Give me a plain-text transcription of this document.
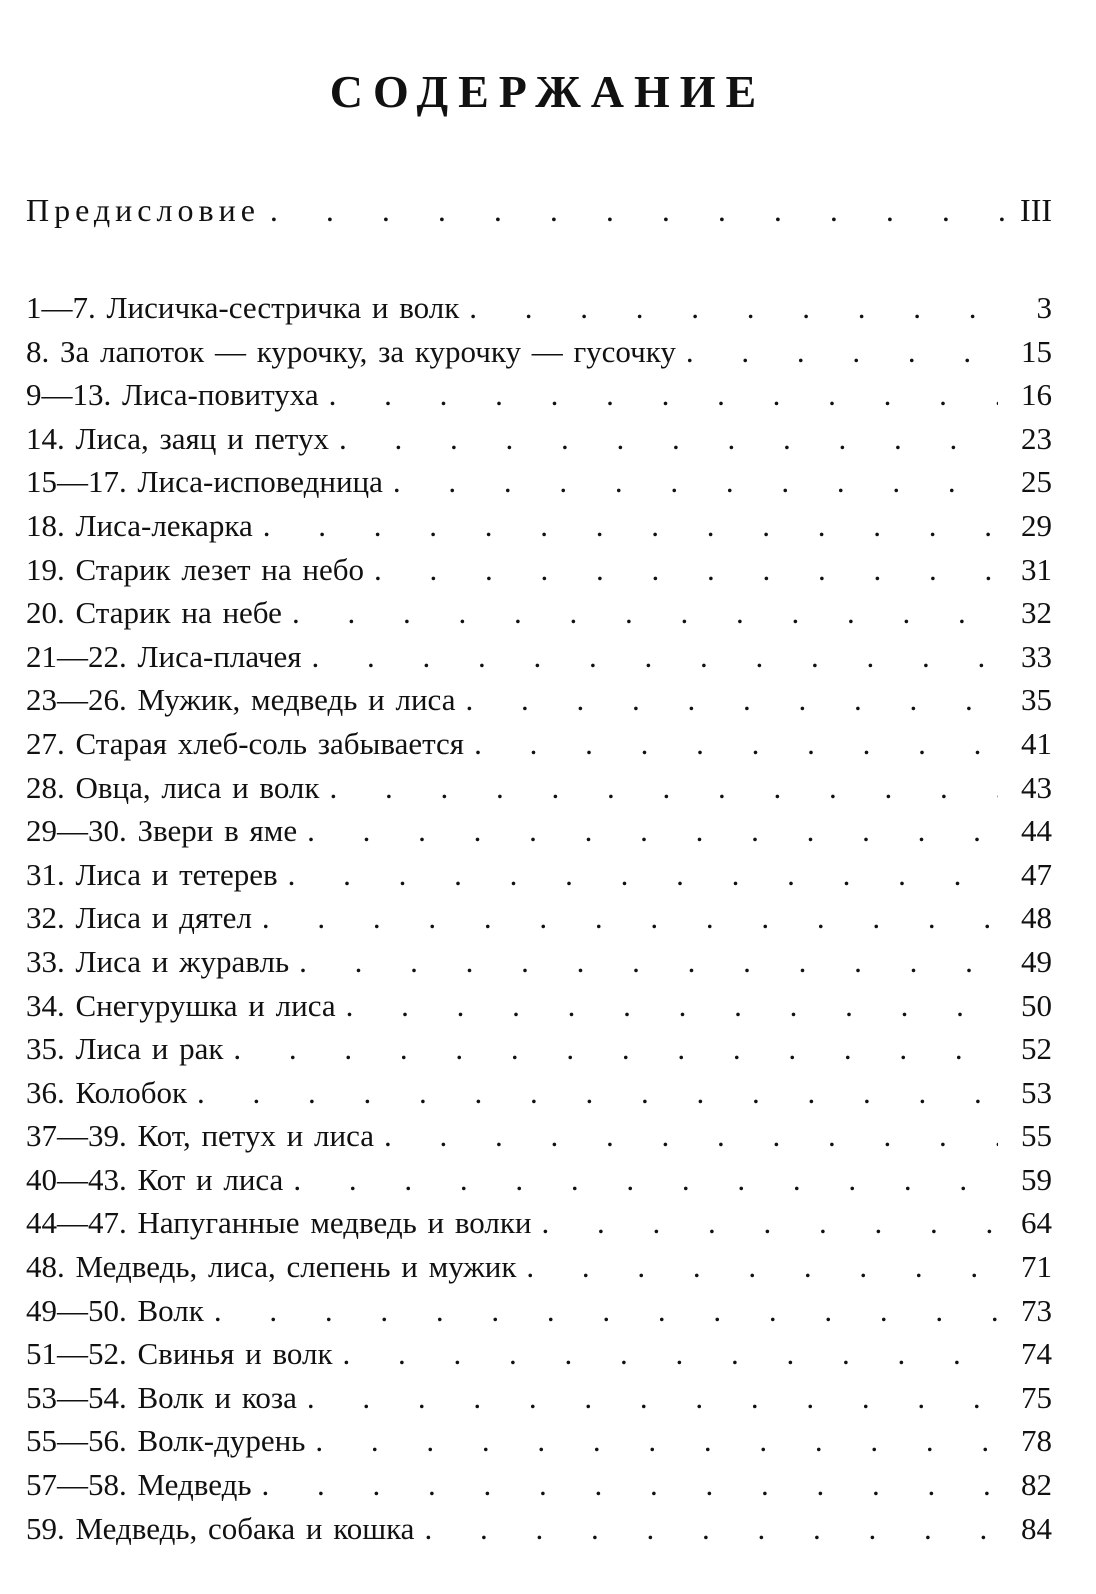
СОДЕРЖАНИЕ
Предисловие . . .	III
1—7. Лисичка-сестричка и волк . . .	3
8. За лапоток — курочку, за курочку — гусочку . . .	15
9—13. Лиса-повитуха . . .	16
14. Лиса, заяц и петух . . .	23
15—17. Лиса-исповедница . . .	25
18. Лиса-лекарка . . .	29
19. Старик лезет на небо . . .	31
20. Старик на небе . . .	32
21—22. Лиса-плачея . . .	33
23—26. Мужик, медведь и лиса . . .	35
27. Старая хлеб-соль забывается . . .	41
28. Овца, лиса и волк . . .	43
29—30. Звери в яме . . .	44
31. Лиса и тетерев . . .	47
32. Лиса и дятел . . .	48
33. Лиса и журавль . . .	49
34. Снегурушка и лиса . . .	50
35. Лиса и рак . . .	52
36. Колобок . . .	53
37—39. Кот, петух и лиса . . .	55
40—43. Кот и лиса . . .	59
44—47. Напуганные медведь и волки . . .	64
48. Медведь, лиса, слепень и мужик . . .	71
49—50. Волк . . .	73
51—52. Свинья и волк . . .	74
53—54. Волк и коза . . .	75
55—56. Волк-дурень . . .	78
57—58. Медведь . . .	82
59. Медведь, собака и кошка . . .	84
